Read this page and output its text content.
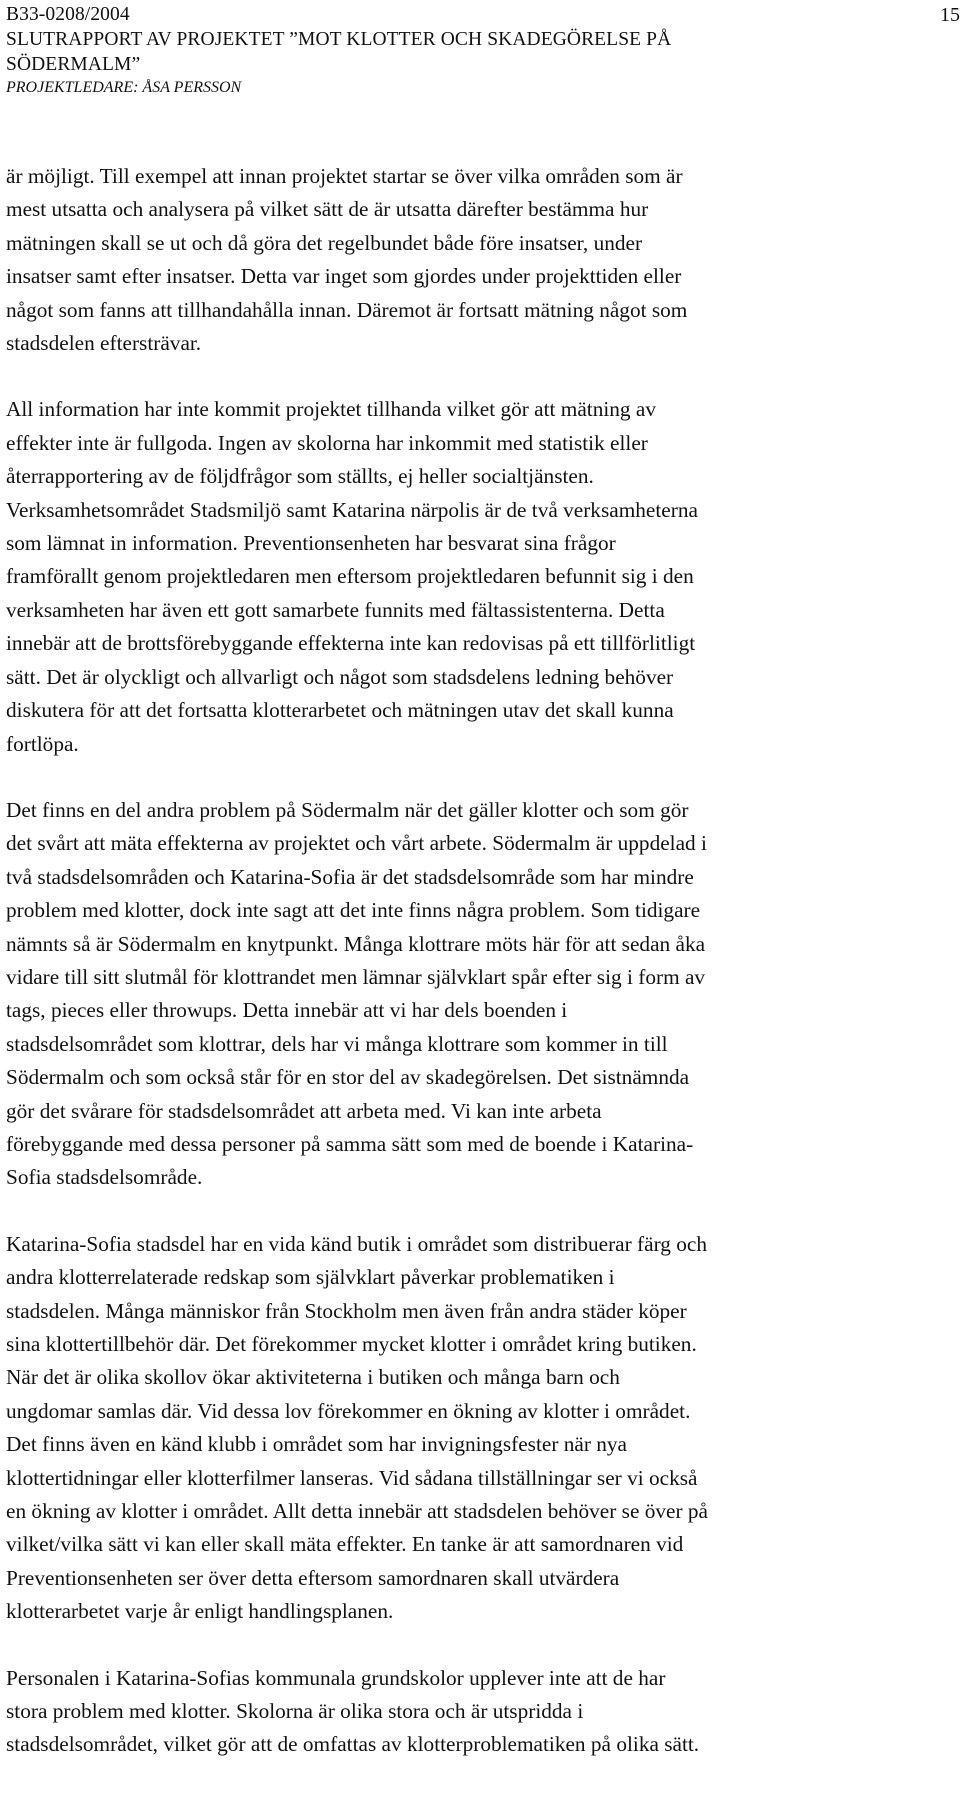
B33-0208/2004
SLUTRAPPORT AV PROJEKTET ”MOT KLOTTER OCH SKADEGÖRELSE PÅ
SÖDERMALM”
PROJEKTLEDARE: ÅSA PERSSON
15
är möjligt. Till exempel att innan projektet startar se över vilka områden som är
mest utsatta och analysera på vilket sätt de är utsatta därefter bestämma hur
mätningen skall se ut och då göra det regelbundet både före insatser, under
insatser samt efter insatser. Detta var inget som gjordes under projekttiden eller
något som fanns att tillhandahålla innan. Däremot är fortsatt mätning något som
stadsdelen eftersträvar.
All information har inte kommit projektet tillhanda vilket gör att mätning av
effekter inte är fullgoda. Ingen av skolorna har inkommit med statistik eller
återrapportering av de följdfrågor som ställts, ej heller socialtjänsten.
Verksamhetsområdet Stadsmiljö samt Katarina närpolis är de två verksamheterna
som lämnat in information. Preventionsenheten har besvarat sina frågor
framförallt genom projektledaren men eftersom projektledaren befunnit sig i den
verksamheten har även ett gott samarbete funnits med fältassistenterna. Detta
innebär att de brottsförebyggande effekterna inte kan redovisas på ett tillförlitligt
sätt. Det är olyckligt och allvarligt och något som stadsdelens ledning behöver
diskutera för att det fortsatta klotterarbetet och mätningen utav det skall kunna
fortlöpa.
Det finns en del andra problem på Södermalm när det gäller klotter och som gör
det svårt att mäta effekterna av projektet och vårt arbete. Södermalm är uppdelad i
två stadsdelsområden och Katarina-Sofia är det stadsdelsområde som har mindre
problem med klotter, dock inte sagt att det inte finns några problem. Som tidigare
nämnts så är Södermalm en knytpunkt. Många klottrare möts här för att sedan åka
vidare till sitt slutmål för klottrandet men lämnar självklart spår efter sig i form av
tags, pieces eller throwups. Detta innebär att vi har dels boenden i
stadsdelsområdet som klottrar, dels har vi många klottrare som kommer in till
Södermalm och som också står för en stor del av skadegörelsen. Det sistnämnda
gör det svårare för stadsdelsområdet att arbeta med. Vi kan inte arbeta
förebyggande med dessa personer på samma sätt som med de boende i Katarina-
Sofia stadsdelsområde.
Katarina-Sofia stadsdel har en vida känd butik i området som distribuerar färg och
andra klotterrelaterade redskap som självklart påverkar problematiken i
stadsdelen. Många människor från Stockholm men även från andra städer köper
sina klottertillbehör där. Det förekommer mycket klotter i området kring butiken.
När det är olika skollov ökar aktiviteterna i butiken och många barn och
ungdomar samlas där. Vid dessa lov förekommer en ökning av klotter i området.
Det finns även en känd klubb i området som har invigningsfester när nya
klottertidningar eller klotterfilmer lanseras. Vid sådana tillställningar ser vi också
en ökning av klotter i området. Allt detta innebär att stadsdelen behöver se över på
vilket/vilka sätt vi kan eller skall mäta effekter. En tanke är att samordnaren vid
Preventionsenheten ser över detta eftersom samordnaren skall utvärdera
klotterarbetet varje år enligt handlingsplanen.
Personalen i Katarina-Sofias kommunala grundskolor upplever inte att de har
stora problem med klotter. Skolorna är olika stora och är utspridda i
stadsdelsområdet, vilket gör att de omfattas av klotterproblematiken på olika sätt.
